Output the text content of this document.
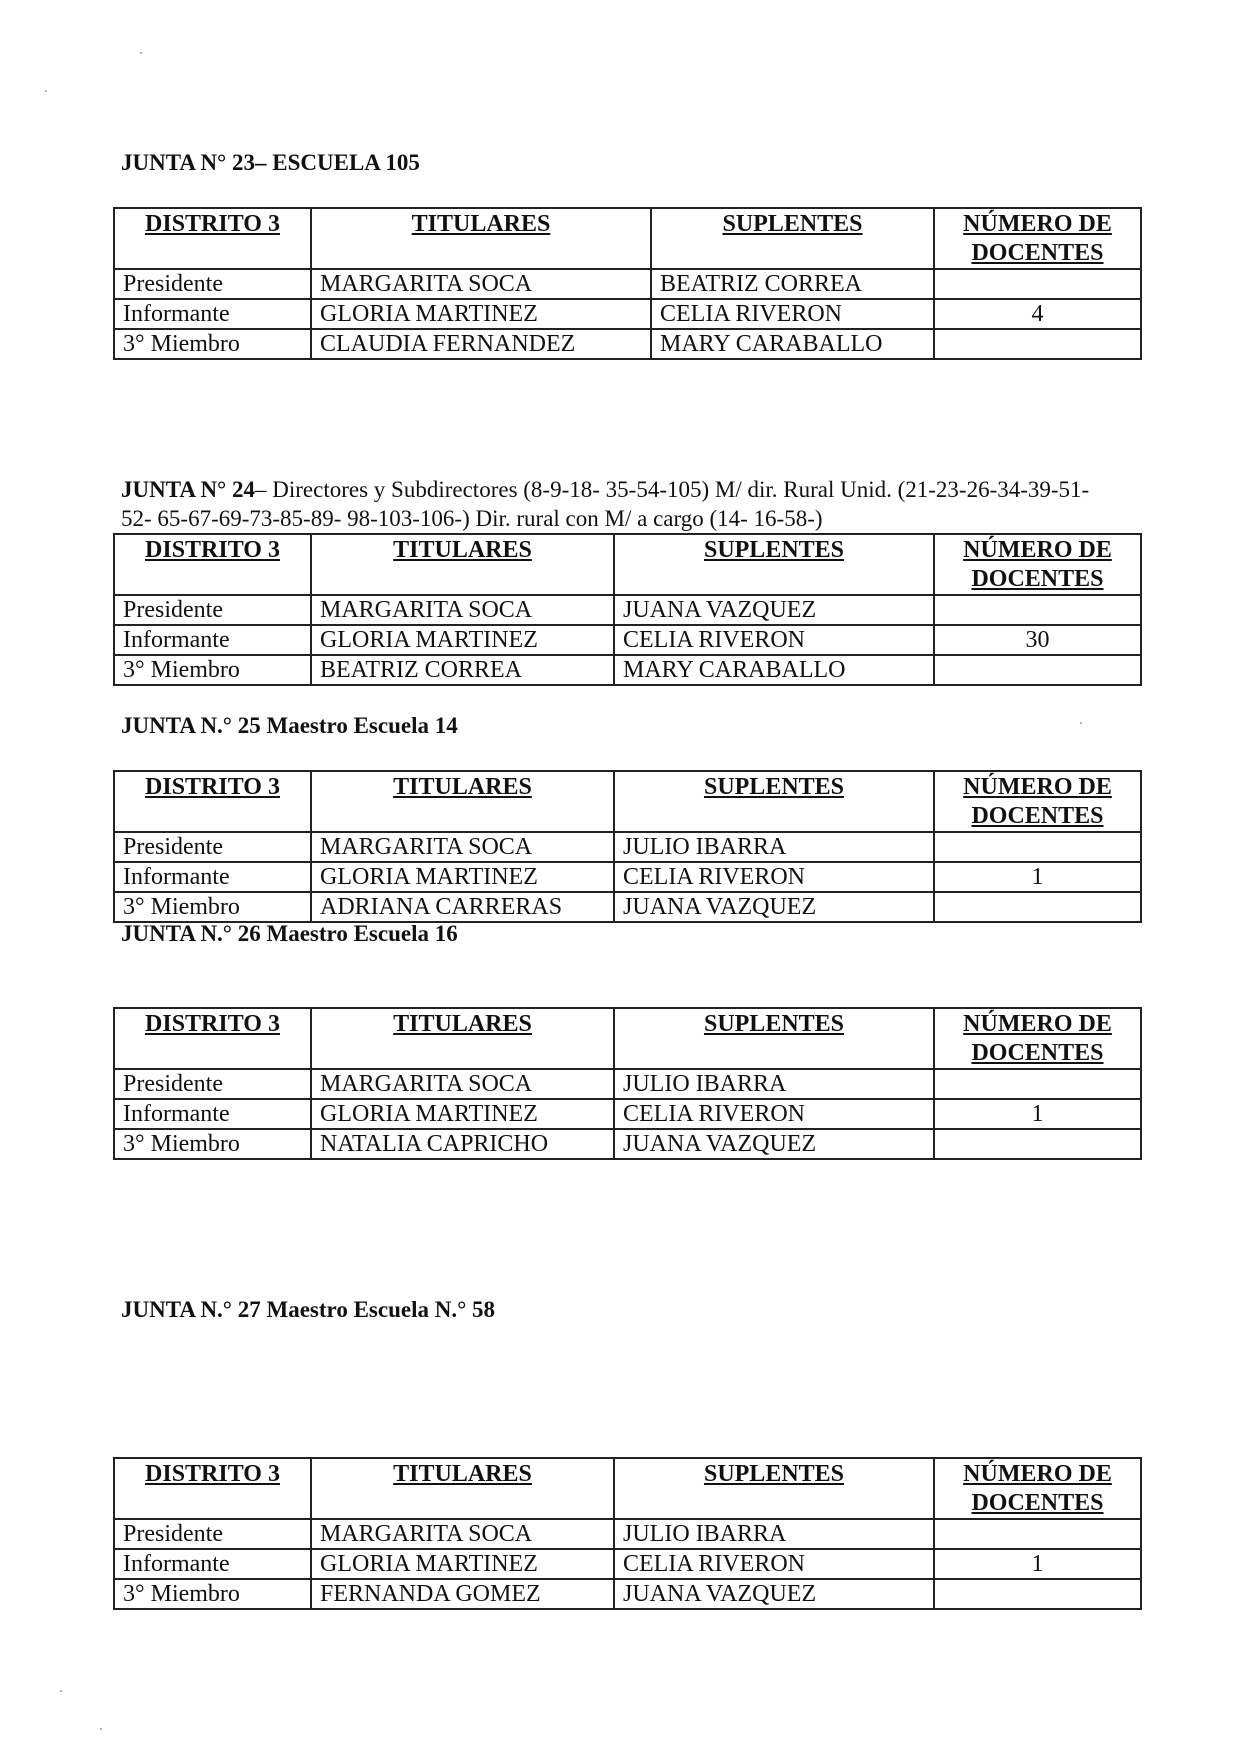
JUNTA N° 23– ESCUELA 105
DISTRITO 3	TITULARES	SUPLENTES	NÚMERO DE DOCENTES
Presidente	MARGARITA SOCA	BEATRIZ CORREA	
Informante	GLORIA MARTINEZ	CELIA RIVERON	4
3° Miembro	CLAUDIA FERNANDEZ	MARY CARABALLO	
JUNTA N° 24– Directores y Subdirectores (8-9-18- 35-54-105) M/ dir. Rural Unid. (21-23-26-34-39-51- 52- 65-67-69-73-85-89- 98-103-106-) Dir. rural con M/ a cargo (14- 16-58-)
DISTRITO 3	TITULARES	SUPLENTES	NÚMERO DE DOCENTES
Presidente	MARGARITA SOCA	JUANA VAZQUEZ	
Informante	GLORIA MARTINEZ	CELIA RIVERON	30
3° Miembro	BEATRIZ CORREA	MARY CARABALLO	
JUNTA N.° 25 Maestro Escuela 14
DISTRITO 3	TITULARES	SUPLENTES	NÚMERO DE DOCENTES
Presidente	MARGARITA SOCA	JULIO IBARRA	
Informante	GLORIA MARTINEZ	CELIA RIVERON	1
3° Miembro	ADRIANA CARRERAS	JUANA VAZQUEZ	
JUNTA N.° 26 Maestro Escuela 16
DISTRITO 3	TITULARES	SUPLENTES	NÚMERO DE DOCENTES
Presidente	MARGARITA SOCA	JULIO IBARRA	
Informante	GLORIA MARTINEZ	CELIA RIVERON	1
3° Miembro	NATALIA CAPRICHO	JUANA VAZQUEZ	
JUNTA N.° 27 Maestro Escuela N.° 58
DISTRITO 3	TITULARES	SUPLENTES	NÚMERO DE DOCENTES
Presidente	MARGARITA SOCA	JULIO IBARRA	
Informante	GLORIA MARTINEZ	CELIA RIVERON	1
3° Miembro	FERNANDA GOMEZ	JUANA VAZQUEZ	
